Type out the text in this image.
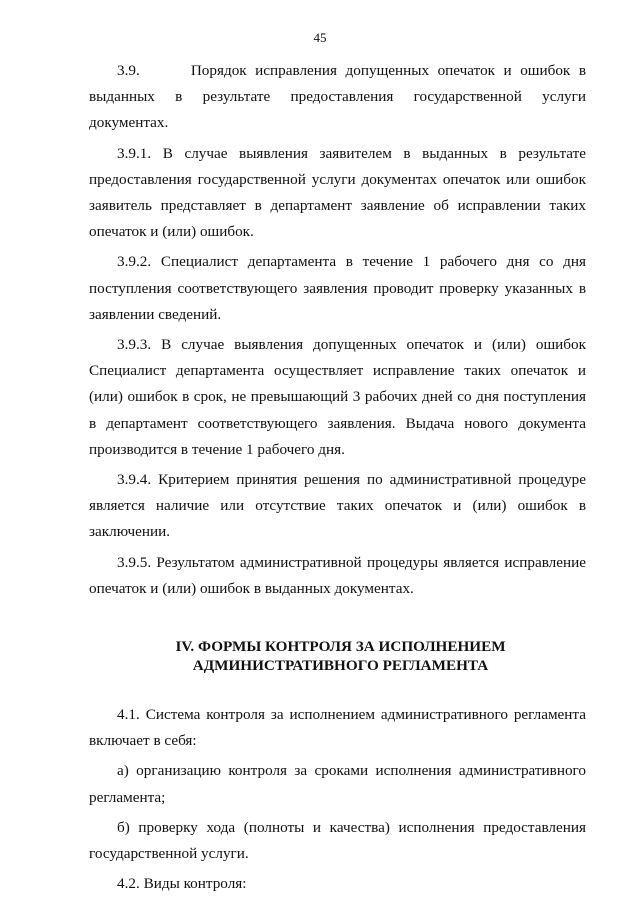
45

3.9.      Порядок исправления допущенных опечаток и ошибок в выданных в результате предоставления государственной услуги документах.

3.9.1. В случае выявления заявителем в выданных в результате предоставления государственной услуги документах опечаток или ошибок заявитель представляет в департамент заявление об исправлении таких опечаток и (или) ошибок.

3.9.2. Специалист департамента в течение 1 рабочего дня со дня поступления соответствующего заявления проводит проверку указанных в заявлении сведений.

3.9.3. В случае выявления допущенных опечаток и (или) ошибок Специалист департамента осуществляет исправление таких опечаток и (или) ошибок в срок, не превышающий 3 рабочих дней со дня поступления в департамент соответствующего заявления. Выдача нового документа производится в течение 1 рабочего дня.

3.9.4. Критерием принятия решения по административной процедуре является наличие или отсутствие таких опечаток и (или) ошибок в заключении.

3.9.5. Результатом административной процедуры является исправление опечаток и (или) ошибок в выданных документах.

IV. ФОРМЫ КОНТРОЛЯ ЗА ИСПОЛНЕНИЕМ
АДМИНИСТРАТИВНОГО РЕГЛАМЕНТА

4.1. Система контроля за исполнением административного регламента включает в себя:

а) организацию контроля за сроками исполнения административного регламента;

б) проверку хода (полноты и качества) исполнения предоставления государственной услуги.

4.2. Виды контроля:
